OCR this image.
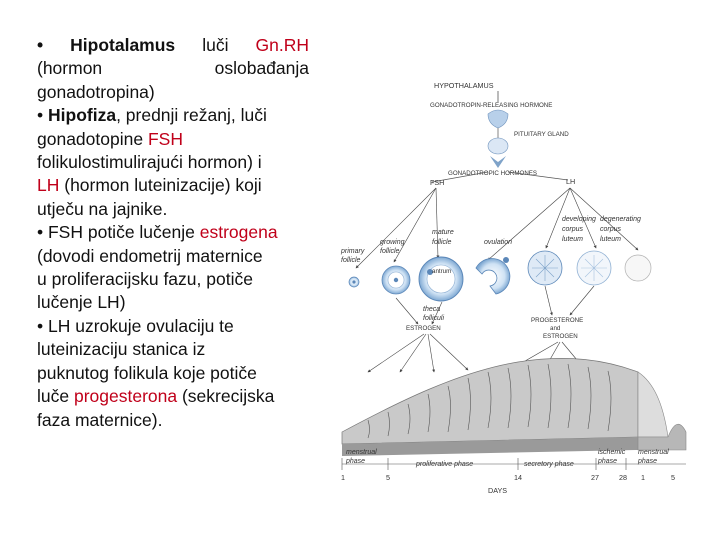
• Hipotalamus luči Gn.RH

(hormon	oslobađanja

gonadotropina)

• Hipofiza, prednji režanj, luči

gonadotopine FSH

folikulostimulirajući hormon) i

LH (hormon luteinizacije) koji

utječu na jajnike.

• FSH potiče lučenje estrogena

(dovodi endometrij maternice

u proliferacijsku fazu, potiče

lučenje LH)

• LH uzrokuje ovulaciju te

luteinizaciju stanica iz

puknutog folikula koje potiče

luče progesterona (sekrecijska

faza maternice).

HYPOTHALAMUS
GONADOTROPIN-RELEASING HORMONE
PITUITARY GLAND
GONADOTROPIC HORMONES
FSH	LH
primary
follicle
growing
follicle
mature
follicle	ovulation
developing
corpus
luteum
degenerating
corpus
luteum
antrum
theca
folliculi
ESTROGEN
PROGESTERONE
and
ESTROGEN
menstrual
phase	proliferative phase	secretory phase
ischemic
phase
menstrual
phase
1	5	14	27	28 1	5
DAYS
